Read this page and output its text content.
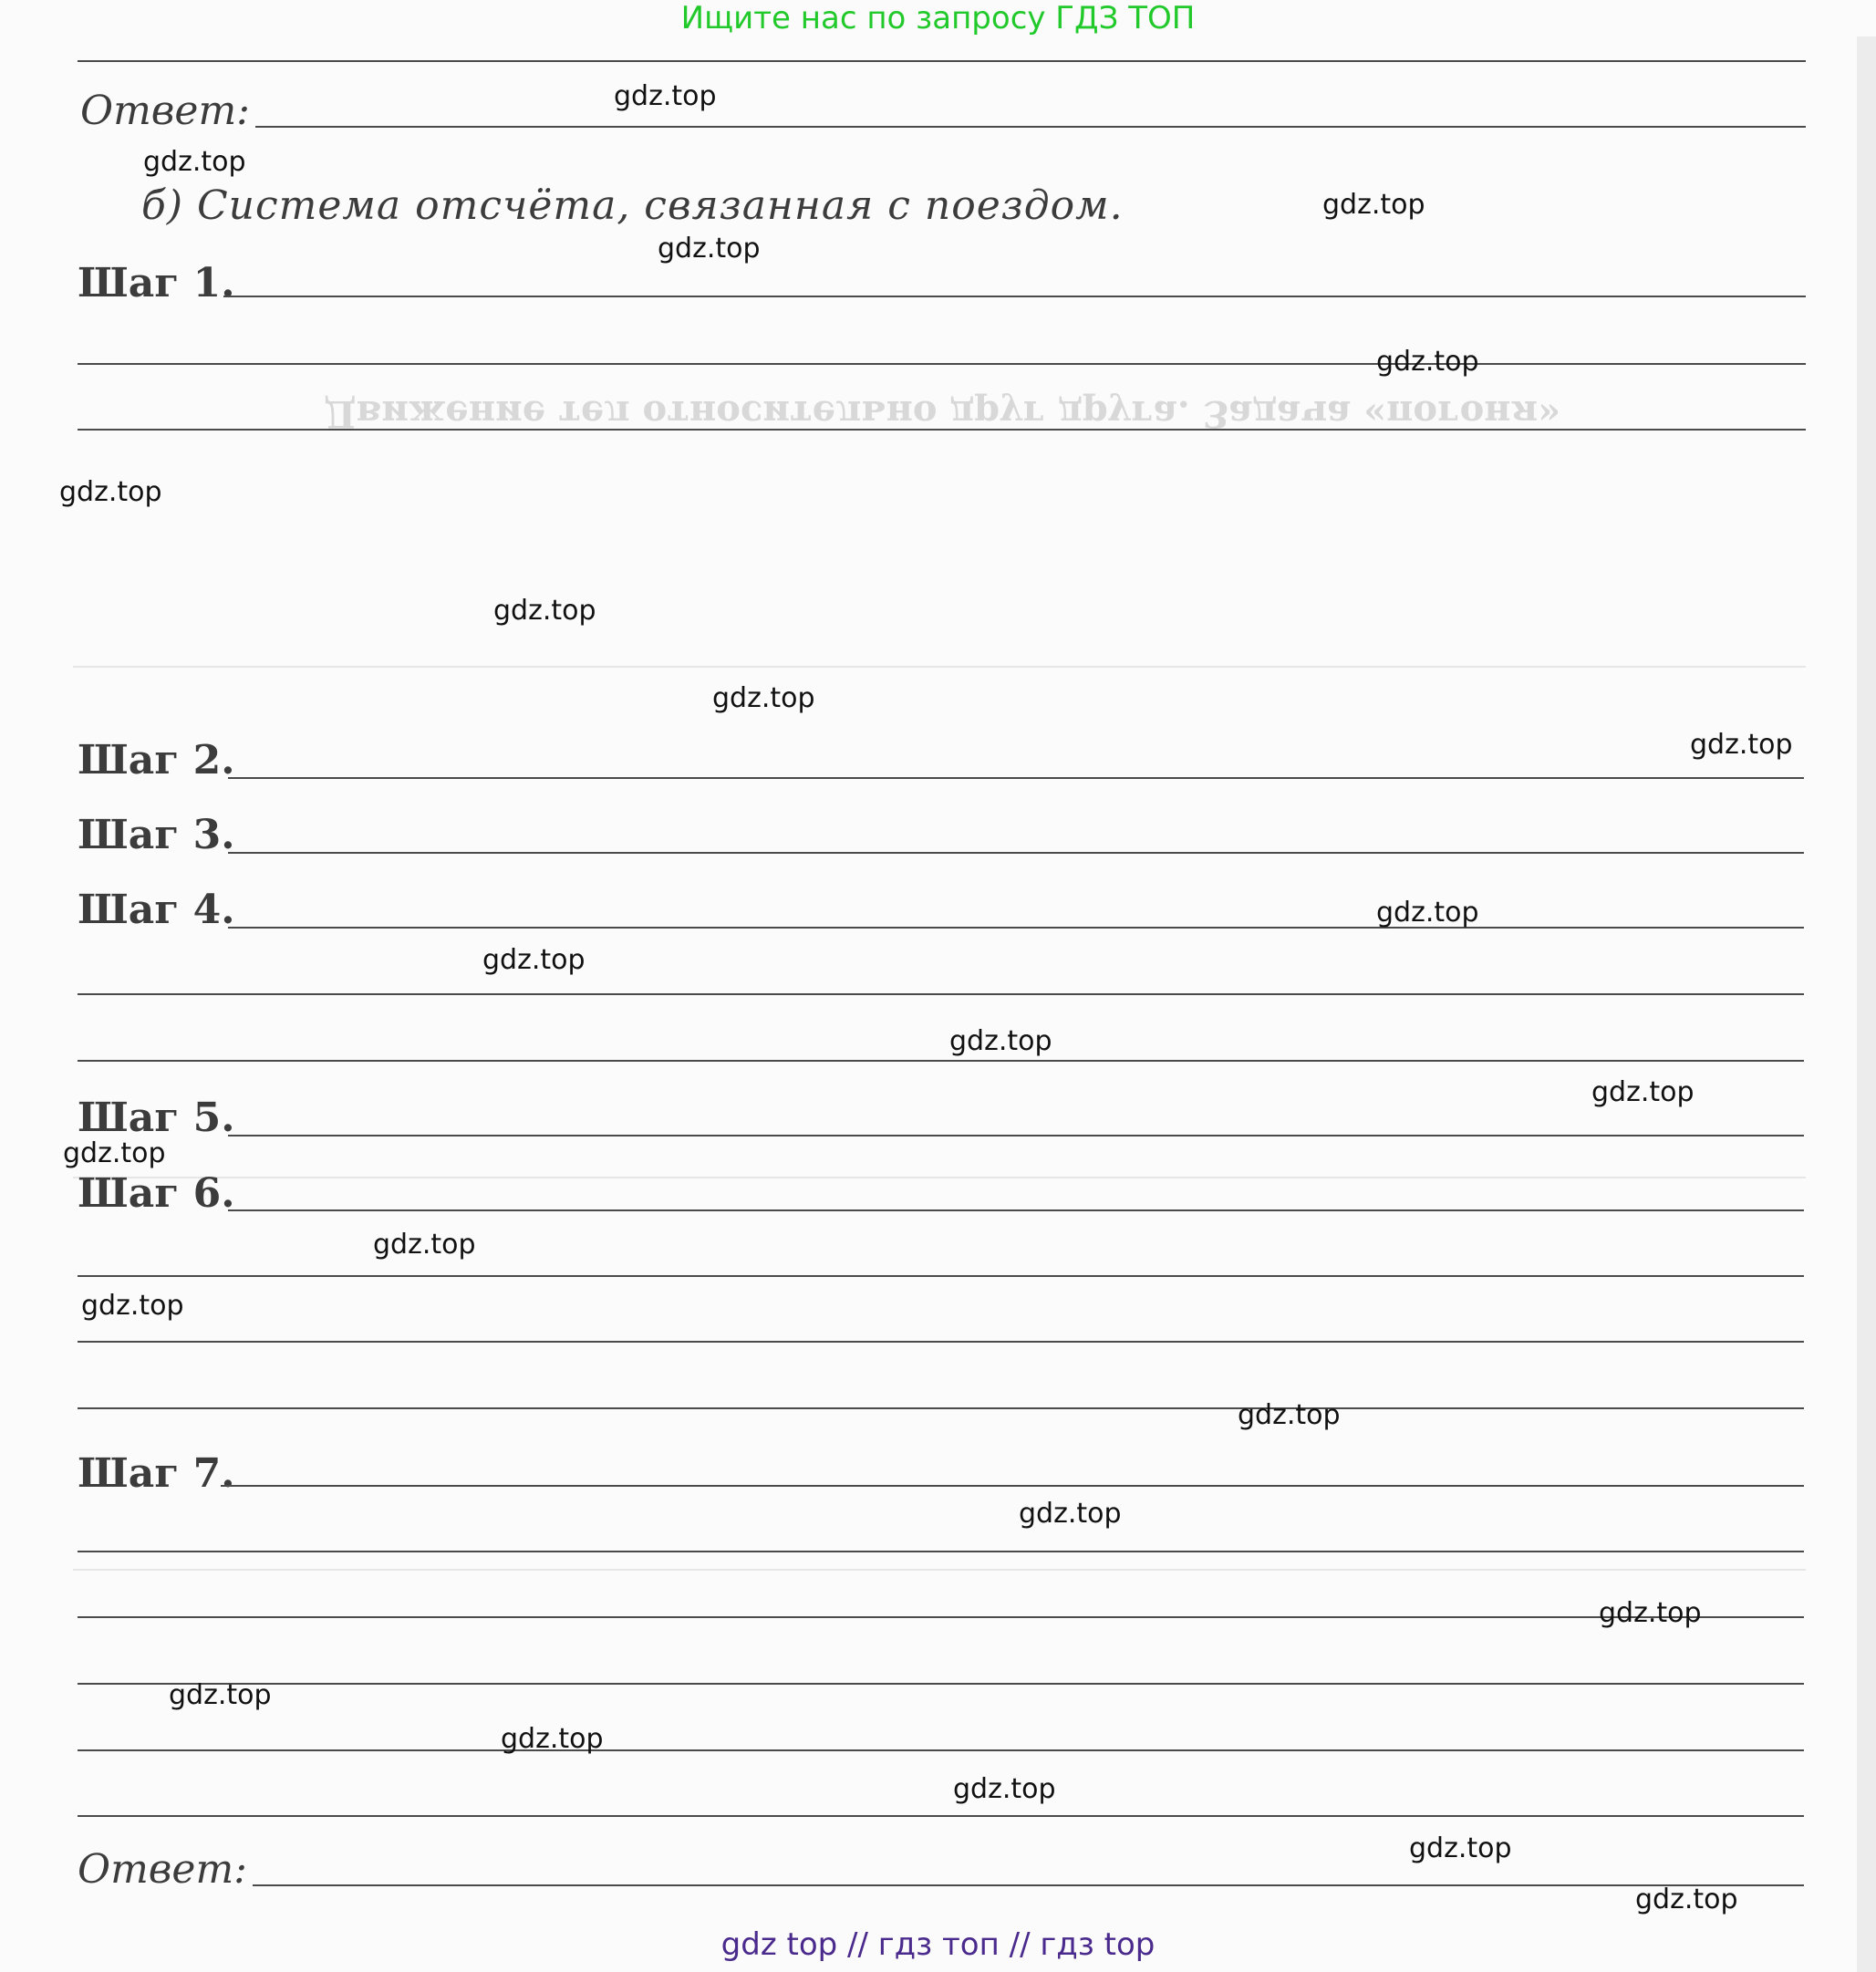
Ищите нас по запросу ГДЗ ТОП
Движение тел относительно друг друга. Задача «погоня»
Ответ:
б) Система отсчёта, связанная с поездом.
Шаг 1.
Шаг 2.
Шаг 3.
Шаг 4.
Шаг 5.
Шаг 6.
Шаг 7.
Ответ:
gdz.top
gdz.top
gdz.top
gdz.top
gdz.top
gdz.top
gdz.top
gdz.top
gdz.top
gdz.top
gdz.top
gdz.top
gdz.top
gdz.top
gdz.top
gdz.top
gdz.top
gdz.top
gdz.top
gdz.top
gdz.top
gdz.top
gdz.top
gdz.top
gdz top // гдз топ // гдз top
